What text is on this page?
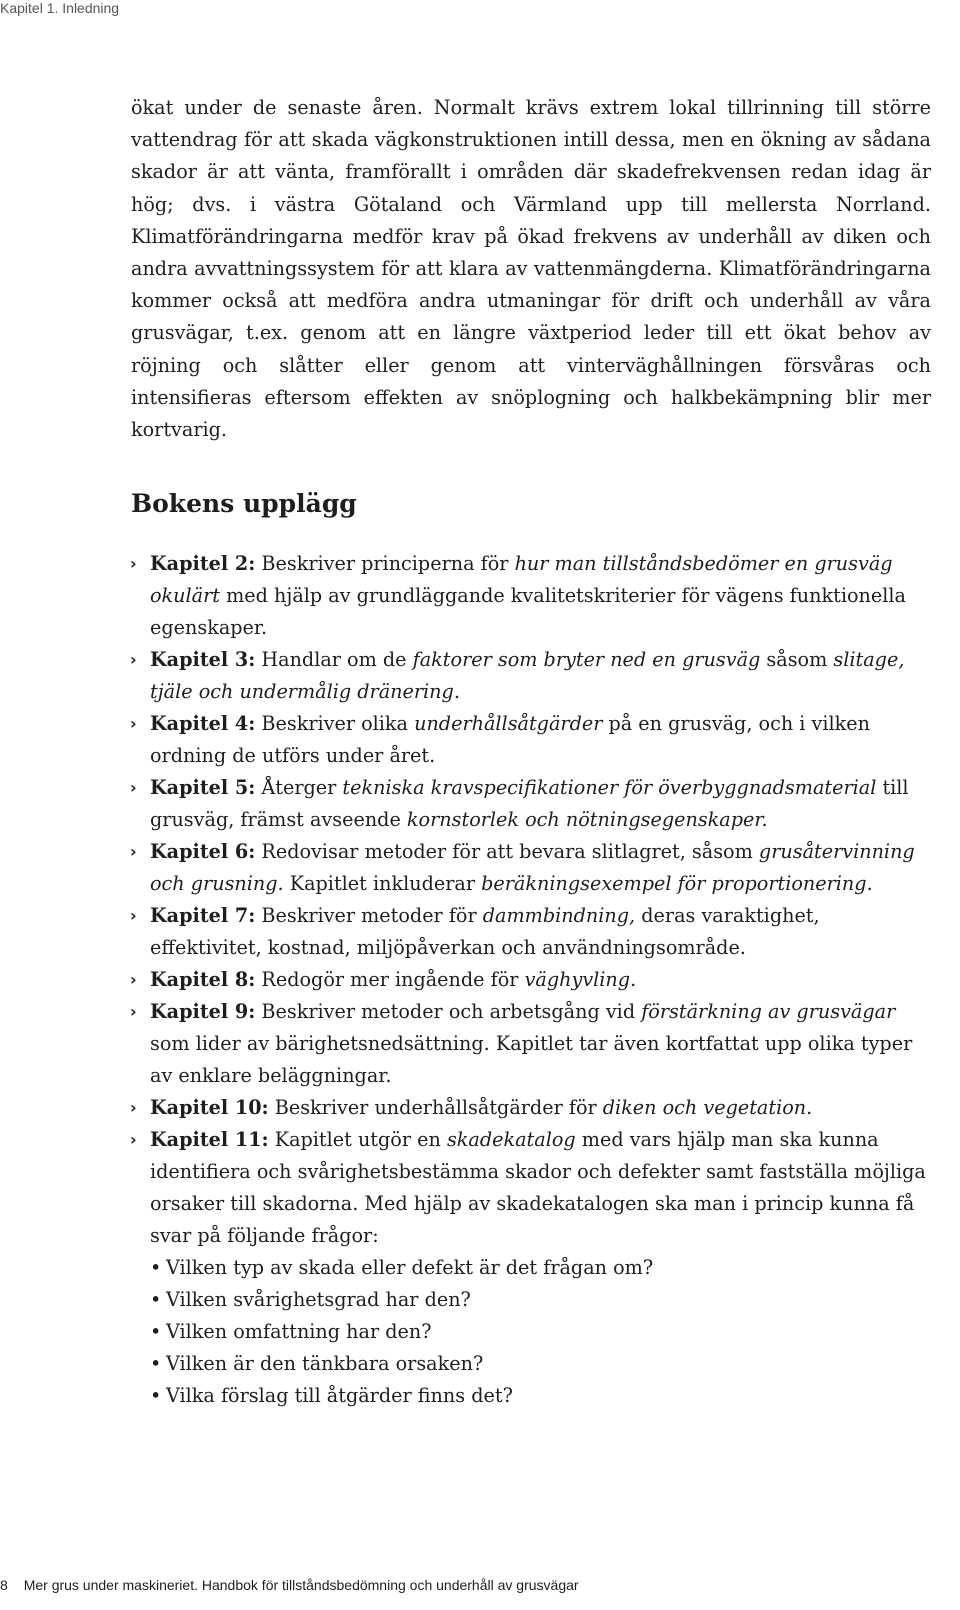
Kapitel 1. Inledning

ökat under de senaste åren. Normalt krävs extrem lokal tillrinning till större vattendrag för att skada vägkonstruktionen intill dessa, men en ökning av sådana skador är att vänta, framförallt i områden där skadefrekvensen redan idag är hög; dvs. i västra Götaland och Värmland upp till mellersta Norrland. Klimatförändringarna medför krav på ökad frekvens av underhåll av diken och andra avvattningssystem för att klara av vattenmängderna. Klimatförändringarna kommer också att medföra andra utmaningar för drift och underhåll av våra grusvägar, t.ex. genom att en längre växtperiod leder till ett ökat behov av röjning och slåtter eller genom att vinterväghållningen försvåras och intensifieras eftersom effekten av snöplogning och halkbekämpning blir mer kortvarig.

Bokens upplägg
› Kapitel 2: Beskriver principerna för hur man tillståndsbedömer en grusväg okulärt med hjälp av grundläggande kvalitetskriterier för vägens funktionella egenskaper.
› Kapitel 3: Handlar om de faktorer som bryter ned en grusväg såsom slitage, tjäle och undermålig dränering.
› Kapitel 4: Beskriver olika underhållsåtgärder på en grusväg, och i vilken ordning de utförs under året.
› Kapitel 5: Återger tekniska kravspecifikationer för överbyggnadsmaterial till grusväg, främst avseende kornstorlek och nötningsegenskaper.
› Kapitel 6: Redovisar metoder för att bevara slitlagret, såsom grusåtervinning och grusning. Kapitlet inkluderar beräkningsexempel för proportionering.
› Kapitel 7: Beskriver metoder för dammbindning, deras varaktighet, effektivitet, kostnad, miljöpåverkan och användningsområde.
› Kapitel 8: Redogör mer ingående för väghyvling.
› Kapitel 9: Beskriver metoder och arbetsgång vid förstärkning av grusvägar som lider av bärighetsnedsättning. Kapitlet tar även kortfattat upp olika typer av enklare beläggningar.
› Kapitel 10: Beskriver underhållsåtgärder för diken och vegetation.
› Kapitel 11: Kapitlet utgör en skadekatalog med vars hjälp man ska kunna identifiera och svårighetsbestämma skador och defekter samt fastställa möjliga orsaker till skadorna. Med hjälp av skadekatalogen ska man i princip kunna få svar på följande frågor:
• Vilken typ av skada eller defekt är det frågan om?
• Vilken svårighetsgrad har den?
• Vilken omfattning har den?
• Vilken är den tänkbara orsaken?
• Vilka förslag till åtgärder finns det?
8 Mer grus under maskineriet. Handbok för tillståndsbedömning och underhåll av grusvägar
